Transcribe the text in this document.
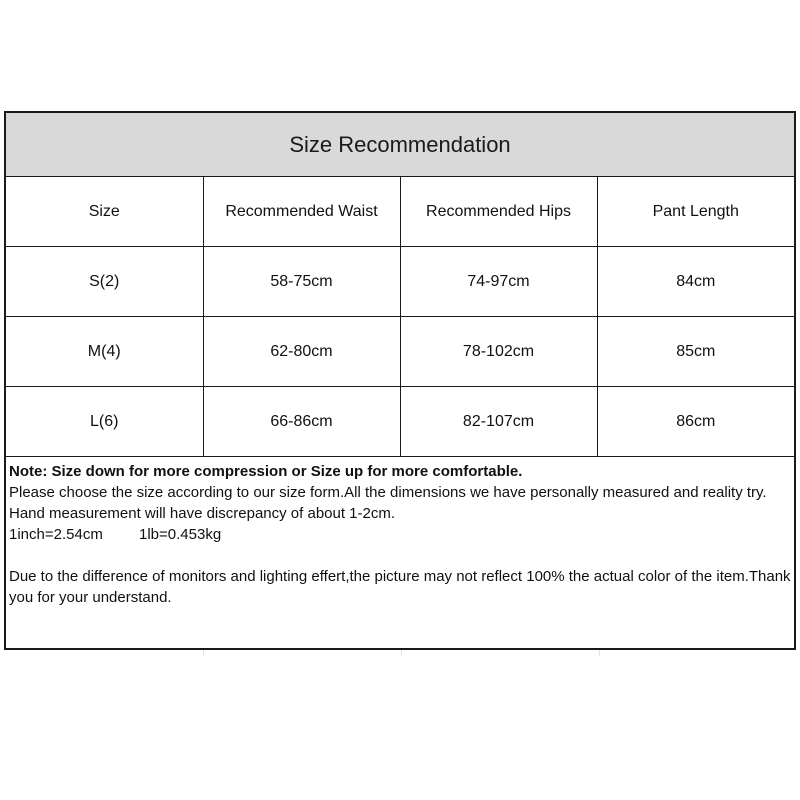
Size Recommendation
Size	Recommended Waist	Recommended Hips	Pant Length
S(2)	58-75cm	74-97cm	84cm
M(4)	62-80cm	78-102cm	85cm
L(6)	66-86cm	82-107cm	86cm
Note: Size down for more compression or Size up for more comfortable.
Please choose the size according to our size form.All the dimensions we have personally measured and reality try.
Hand measurement will have discrepancy of about 1-2cm.
1inch=2.54cm 1lb=0.453kg
Due to the difference of monitors and lighting effert,the picture may not reflect 100% the actual color of the item.Thank you for your understand.
